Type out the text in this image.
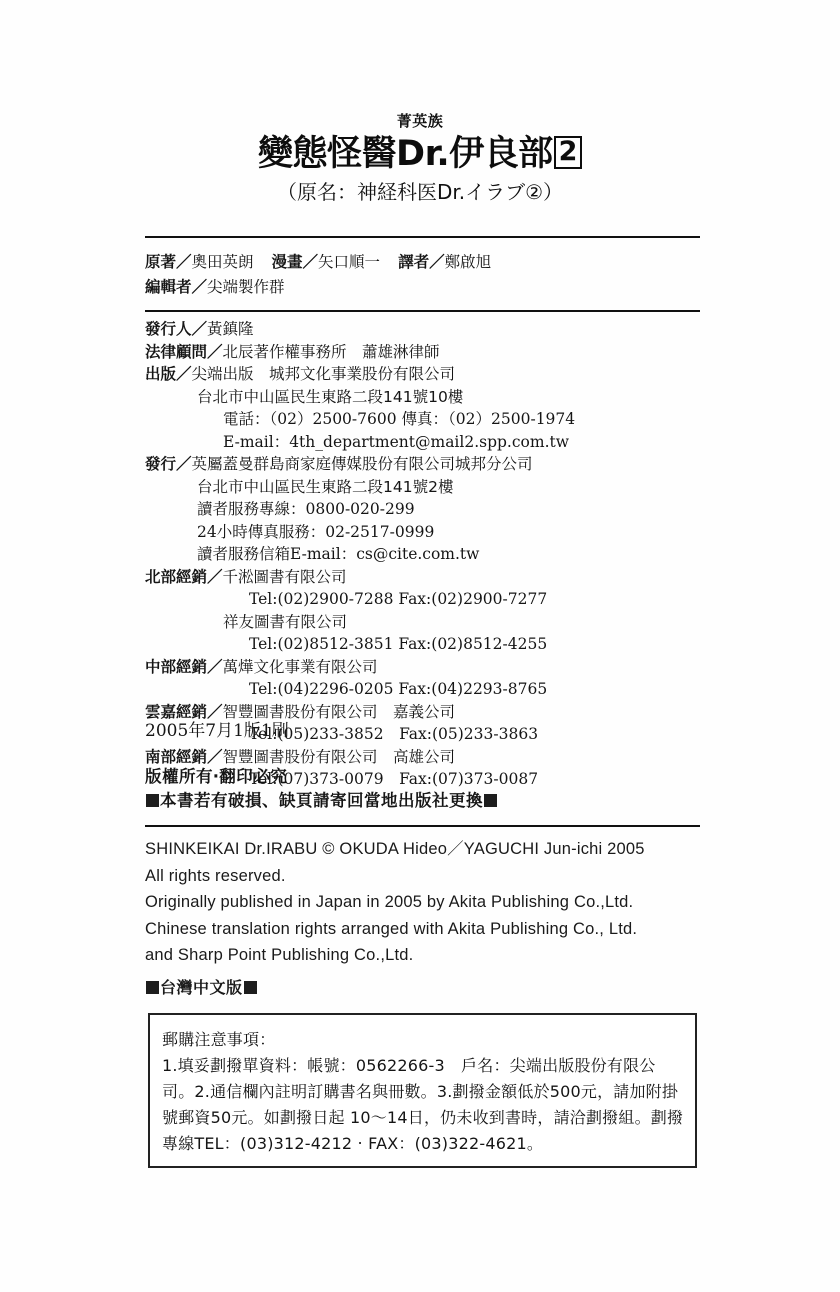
菁英族
變態怪醫Dr.伊良部 2
（原名：神経科医Dr.イラブ②）
原著／奧田英朗 漫畫／矢口順一 譯者／鄭啟旭
編輯者／尖端製作群
發行人／黃鎮隆
法律顧問／北辰著作權事務所　蕭雄淋律師
出版／尖端出版　城邦文化事業股份有限公司
台北市中山區民生東路二段141號10樓
電話：（02）2500-7600 傳真：（02）2500-1974
E-mail：4th_department@mail2.spp.com.tw
發行／英屬蓋曼群島商家庭傳媒股份有限公司城邦分公司
台北市中山區民生東路二段141號2樓
讀者服務專線：0800-020-299
24小時傳真服務：02-2517-0999
讀者服務信箱E-mail：cs@cite.com.tw
北部經銷／千淞圖書有限公司
Tel:(02)2900-7288 Fax:(02)2900-7277
祥友圖書有限公司
Tel:(02)8512-3851 Fax:(02)8512-4255
中部經銷／萬燁文化事業有限公司
Tel:(04)2296-0205 Fax:(04)2293-8765
雲嘉經銷／智豐圖書股份有限公司　嘉義公司
Tel:(05)233-3852　Fax:(05)233-3863
南部經銷／智豐圖書股份有限公司　高雄公司
Tel:(07)373-0079　Fax:(07)373-0087
2005年7月1版1刷
版權所有‧翻印必究
本書若有破損、缺頁請寄回當地出版社更換
SHINKEIKAI Dr.IRABU © OKUDA Hideo／YAGUCHI Jun-ichi 2005
All rights reserved.
Originally published in Japan in 2005 by Akita Publishing Co.,Ltd.
Chinese translation rights arranged with Akita Publishing Co., Ltd.
and Sharp Point Publishing Co.,Ltd.
台灣中文版
郵購注意事項：
1.填妥劃撥單資料：帳號：0562266-3　戶名：尖端出版股份有限公司。2.通信欄內註明訂購書名與冊數。3.劃撥金額低於500元，請加附掛號郵資50元。如劃撥日起 10～14日，仍未收到書時，請洽劃撥組。劃撥專線TEL：(03)312-4212 ‧ FAX：(03)322-4621。
